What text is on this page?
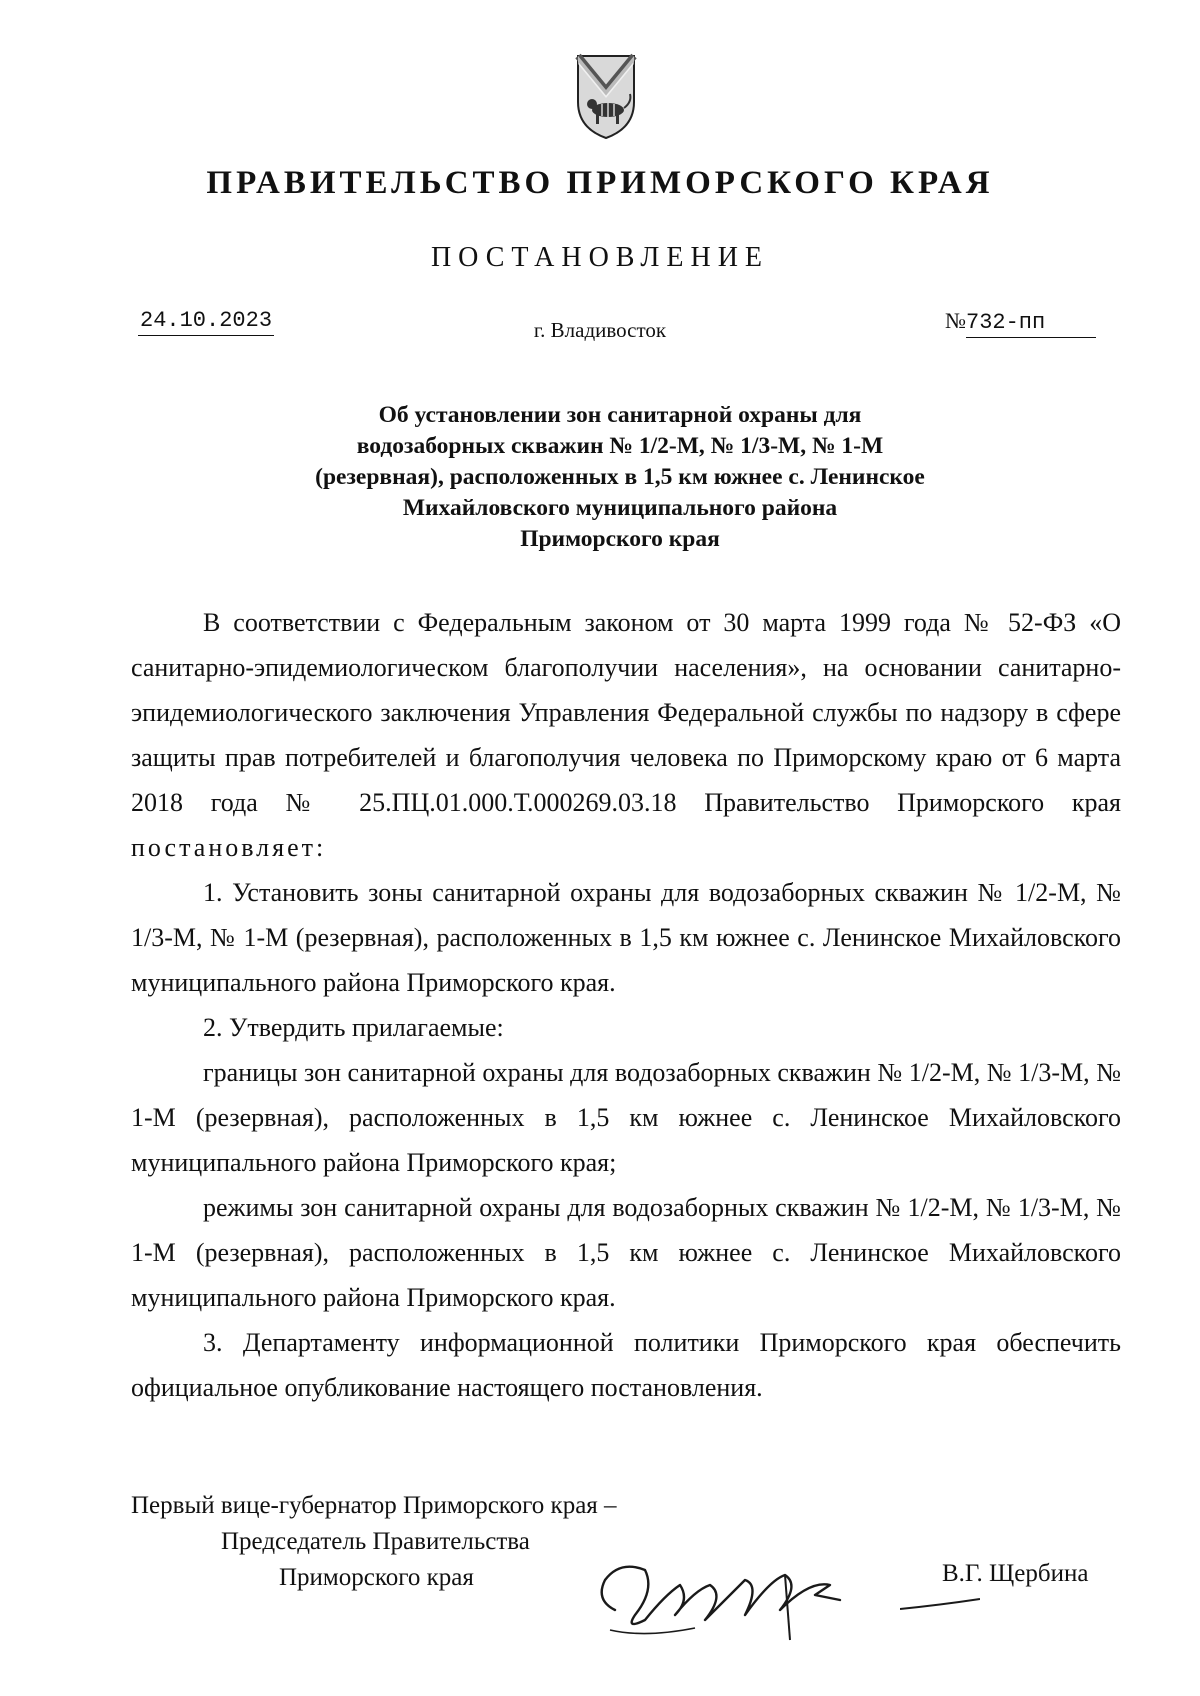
ПРАВИТЕЛЬСТВО ПРИМОРСКОГО КРАЯ
ПОСТАНОВЛЕНИЕ
24.10.2023	г. Владивосток	№732-пп
Об установлении зон санитарной охраны для
водозаборных скважин № 1/2-М, № 1/3-М, № 1-М
(резервная), расположенных в 1,5 км южнее с. Ленинское
Михайловского муниципального района
Приморского края

В соответствии с Федеральным законом от 30 марта 1999 года № 52-ФЗ «О санитарно-эпидемиологическом благополучии населения», на основании санитарно-эпидемиологического заключения Управления Федеральной службы по надзору в сфере защиты прав потребителей и благополучия человека по Приморскому краю от 6 марта 2018 года № 25.ПЦ.01.000.Т.000269.03.18 Правительство Приморского края постановляет:

1. Установить зоны санитарной охраны для водозаборных скважин № 1/2-М, № 1/3-М, № 1-М (резервная), расположенных в 1,5 км южнее с. Ленинское Михайловского муниципального района Приморского края.

2. Утвердить прилагаемые:

границы зон санитарной охраны для водозаборных скважин № 1/2-М, № 1/3-М, № 1-М (резервная), расположенных в 1,5 км южнее с. Ленинское Михайловского муниципального района Приморского края;

режимы зон санитарной охраны для водозаборных скважин № 1/2-М, № 1/3-М, № 1-М (резервная), расположенных в 1,5 км южнее с. Ленинское Михайловского муниципального района Приморского края.

3. Департаменту информационной политики Приморского края обеспечить официальное опубликование настоящего постановления.

Первый вице-губернатор Приморского края –
Председатель Правительства
Приморского края	В.Г. Щербина
